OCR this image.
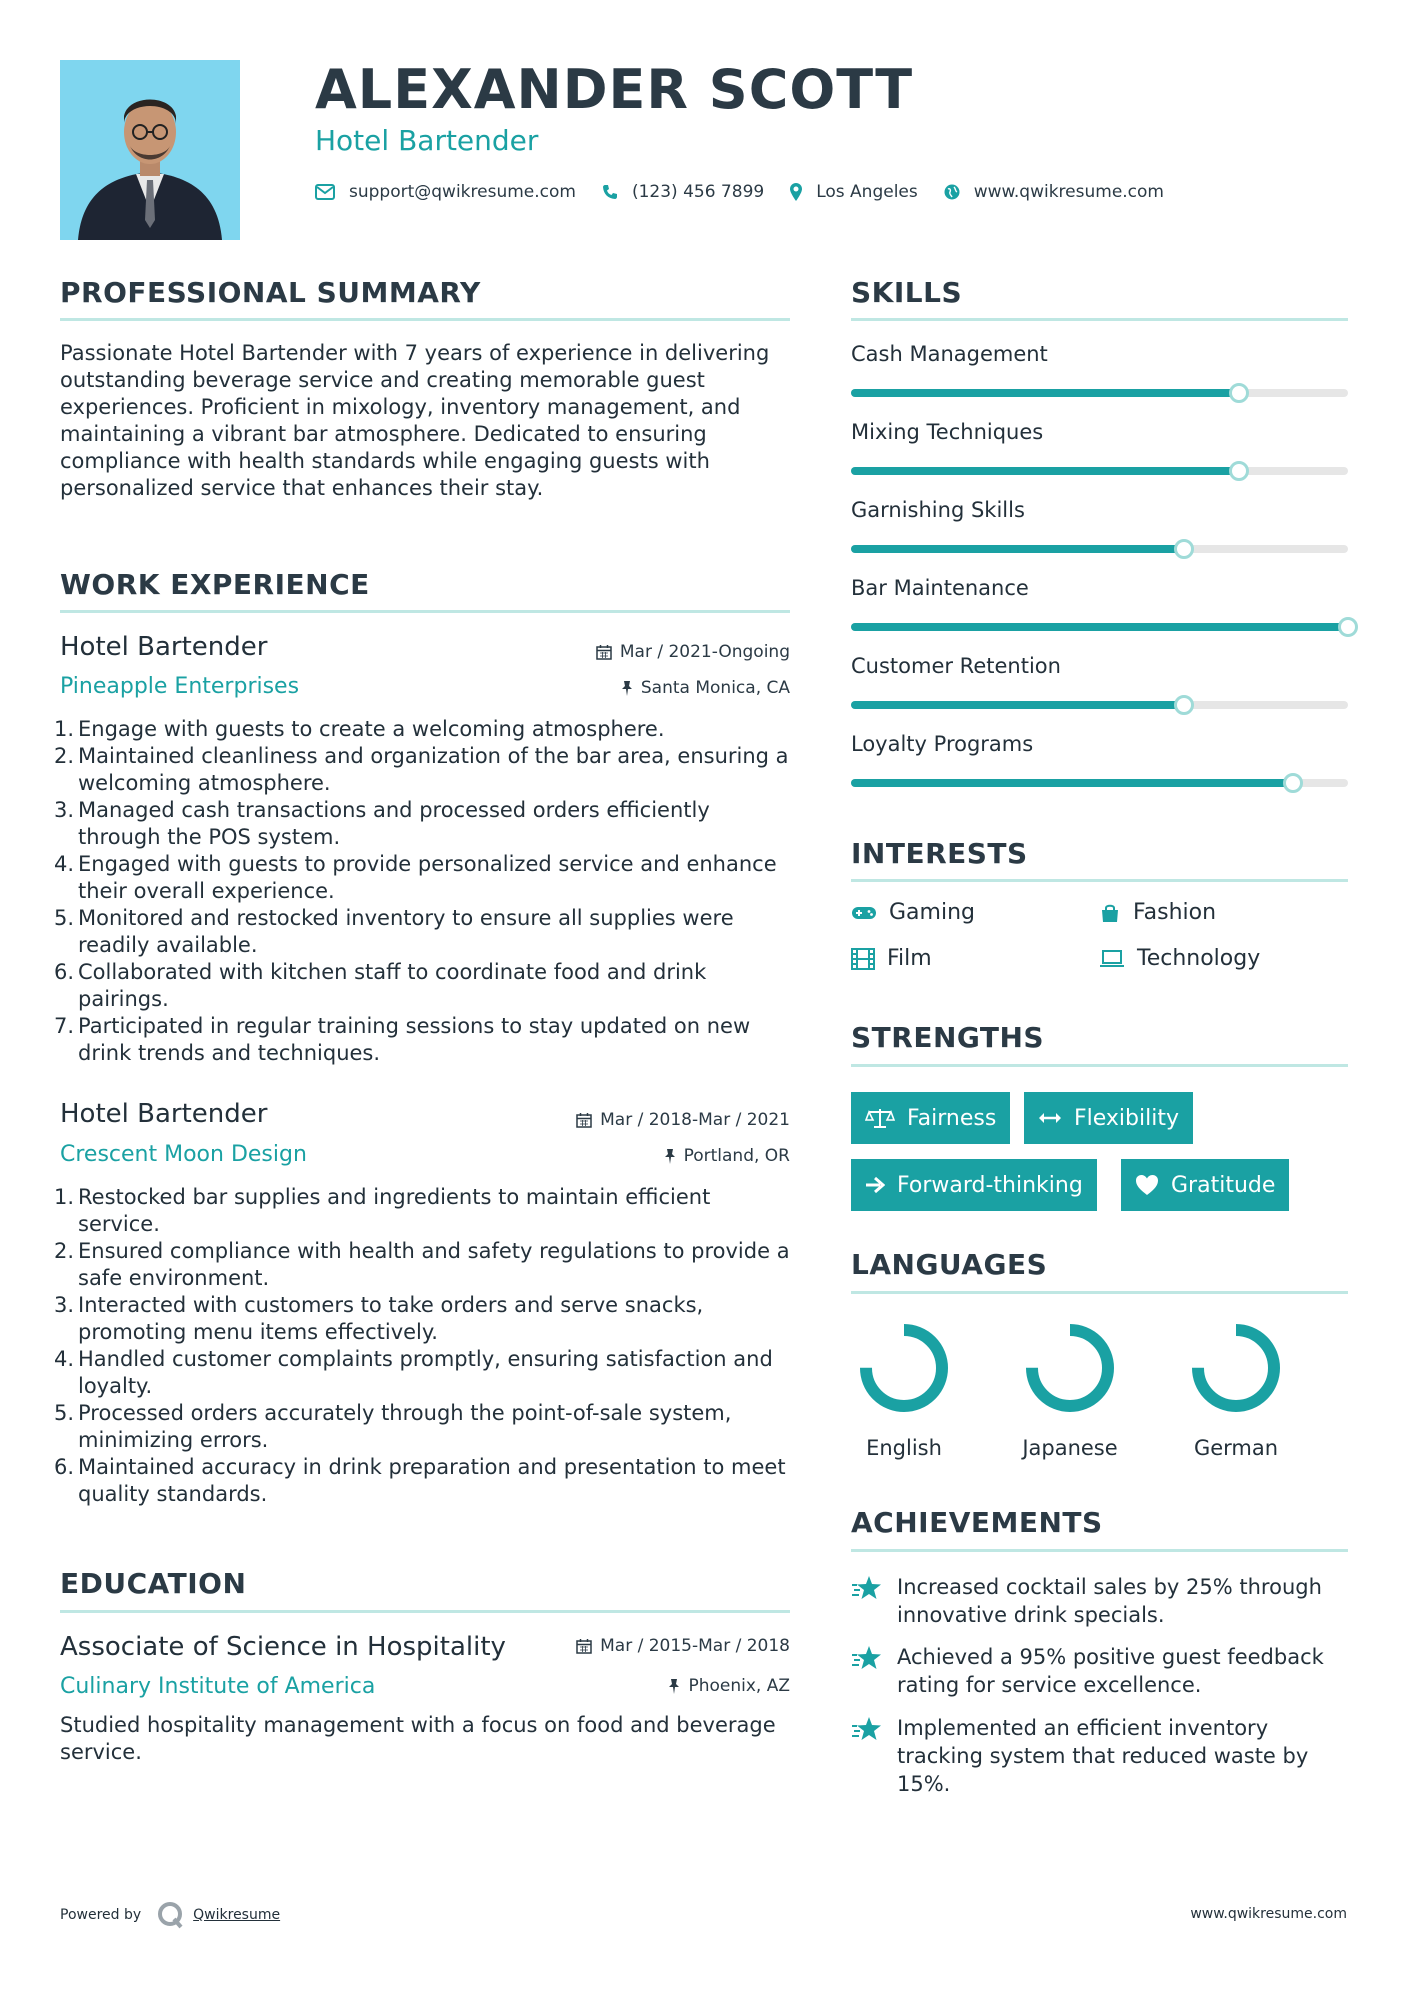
ALEXANDER SCOTT
Hotel Bartender
support@qwikresume.com	(123) 456 7899	Los Angeles	www.qwikresume.com
PROFESSIONAL SUMMARY
Passionate Hotel Bartender with 7 years of experience in delivering outstanding beverage service and creating memorable guest experiences. Proficient in mixology, inventory management, and maintaining a vibrant bar atmosphere. Dedicated to ensuring compliance with health standards while engaging guests with personalized service that enhances their stay.
WORK EXPERIENCE
Hotel Bartender	Mar / 2021-Ongoing
Pineapple Enterprises	Santa Monica, CA
1. Engage with guests to create a welcoming atmosphere.
2. Maintained cleanliness and organization of the bar area, ensuring a welcoming atmosphere.
3. Managed cash transactions and processed orders efficiently through the POS system.
4. Engaged with guests to provide personalized service and enhance their overall experience.
5. Monitored and restocked inventory to ensure all supplies were readily available.
6. Collaborated with kitchen staff to coordinate food and drink pairings.
7. Participated in regular training sessions to stay updated on new drink trends and techniques.
Hotel Bartender	Mar / 2018-Mar / 2021
Crescent Moon Design	Portland, OR
1. Restocked bar supplies and ingredients to maintain efficient service.
2. Ensured compliance with health and safety regulations to provide a safe environment.
3. Interacted with customers to take orders and serve snacks, promoting menu items effectively.
4. Handled customer complaints promptly, ensuring satisfaction and loyalty.
5. Processed orders accurately through the point-of-sale system, minimizing errors.
6. Maintained accuracy in drink preparation and presentation to meet quality standards.
EDUCATION
Associate of Science in Hospitality	Mar / 2015-Mar / 2018
Culinary Institute of America	Phoenix, AZ
Studied hospitality management with a focus on food and beverage service.
SKILLS
Cash Management
Mixing Techniques
Garnishing Skills
Bar Maintenance
Customer Retention
Loyalty Programs
INTERESTS
Gaming	Fashion
Film	Technology
STRENGTHS
Fairness	Flexibility
Forward-thinking	Gratitude
LANGUAGES
English	Japanese	German
ACHIEVEMENTS
Increased cocktail sales by 25% through innovative drink specials.
Achieved a 95% positive guest feedback rating for service excellence.
Implemented an efficient inventory tracking system that reduced waste by 15%.
Powered by	Qwikresume	www.qwikresume.com
